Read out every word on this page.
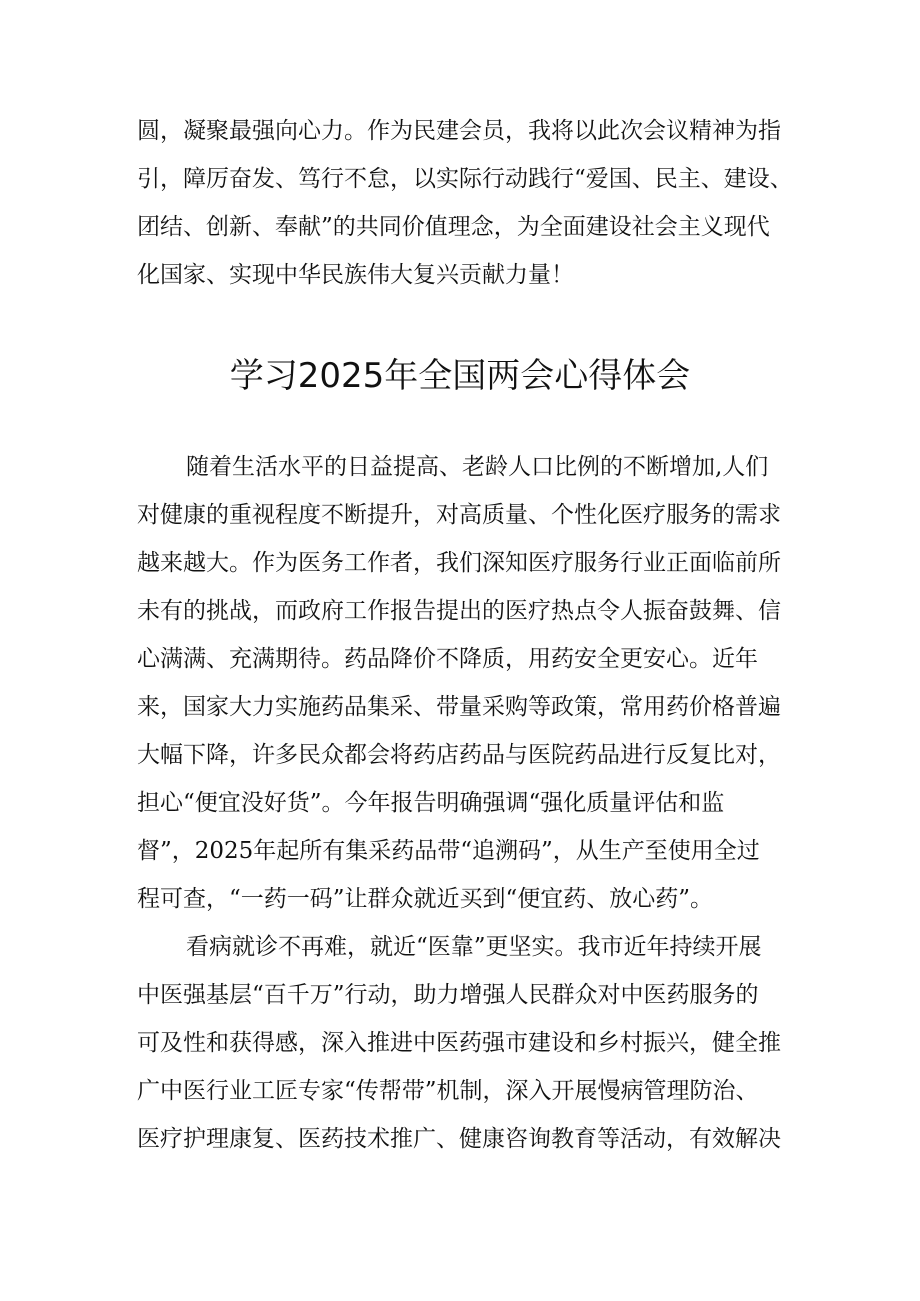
圆，凝聚最强向心力。作为民建会员，我将以此次会议精神为指

引，障厉奋发、笃行不怠，以实际行动践行“爱国、民主、建设、

团结、创新、奉献”的共同价值理念，为全面建设社会主义现代

化国家、实现中华民族伟大复兴贡献力量！

学习2025年全国两会心得体会

随着生活水平的日益提高、老龄人口比例的不断增加,人们

对健康的重视程度不断提升，对高质量、个性化医疗服务的需求

越来越大。作为医务工作者，我们深知医疗服务行业正面临前所

未有的挑战，而政府工作报告提出的医疗热点令人振奋鼓舞、信

心满满、充满期待。药品降价不降质，用药安全更安心。近年

来，国家大力实施药品集采、带量采购等政策，常用药价格普遍

大幅下降，许多民众都会将药店药品与医院药品进行反复比对，

担心“便宜没好货”。今年报告明确强调“强化质量评估和监

督”，2025年起所有集采药品带“追溯码”，从生产至使用全过

程可查，“一药一码”让群众就近买到“便宜药、放心药”。

看病就诊不再难，就近“医靠”更坚实。我市近年持续开展

中医强基层“百千万”行动，助力增强人民群众对中医药服务的

可及性和获得感，深入推进中医药强市建设和乡村振兴，健全推

广中医行业工匠专家“传帮带”机制，深入开展慢病管理防治、

医疗护理康复、医药技术推广、健康咨询教育等活动，有效解决
